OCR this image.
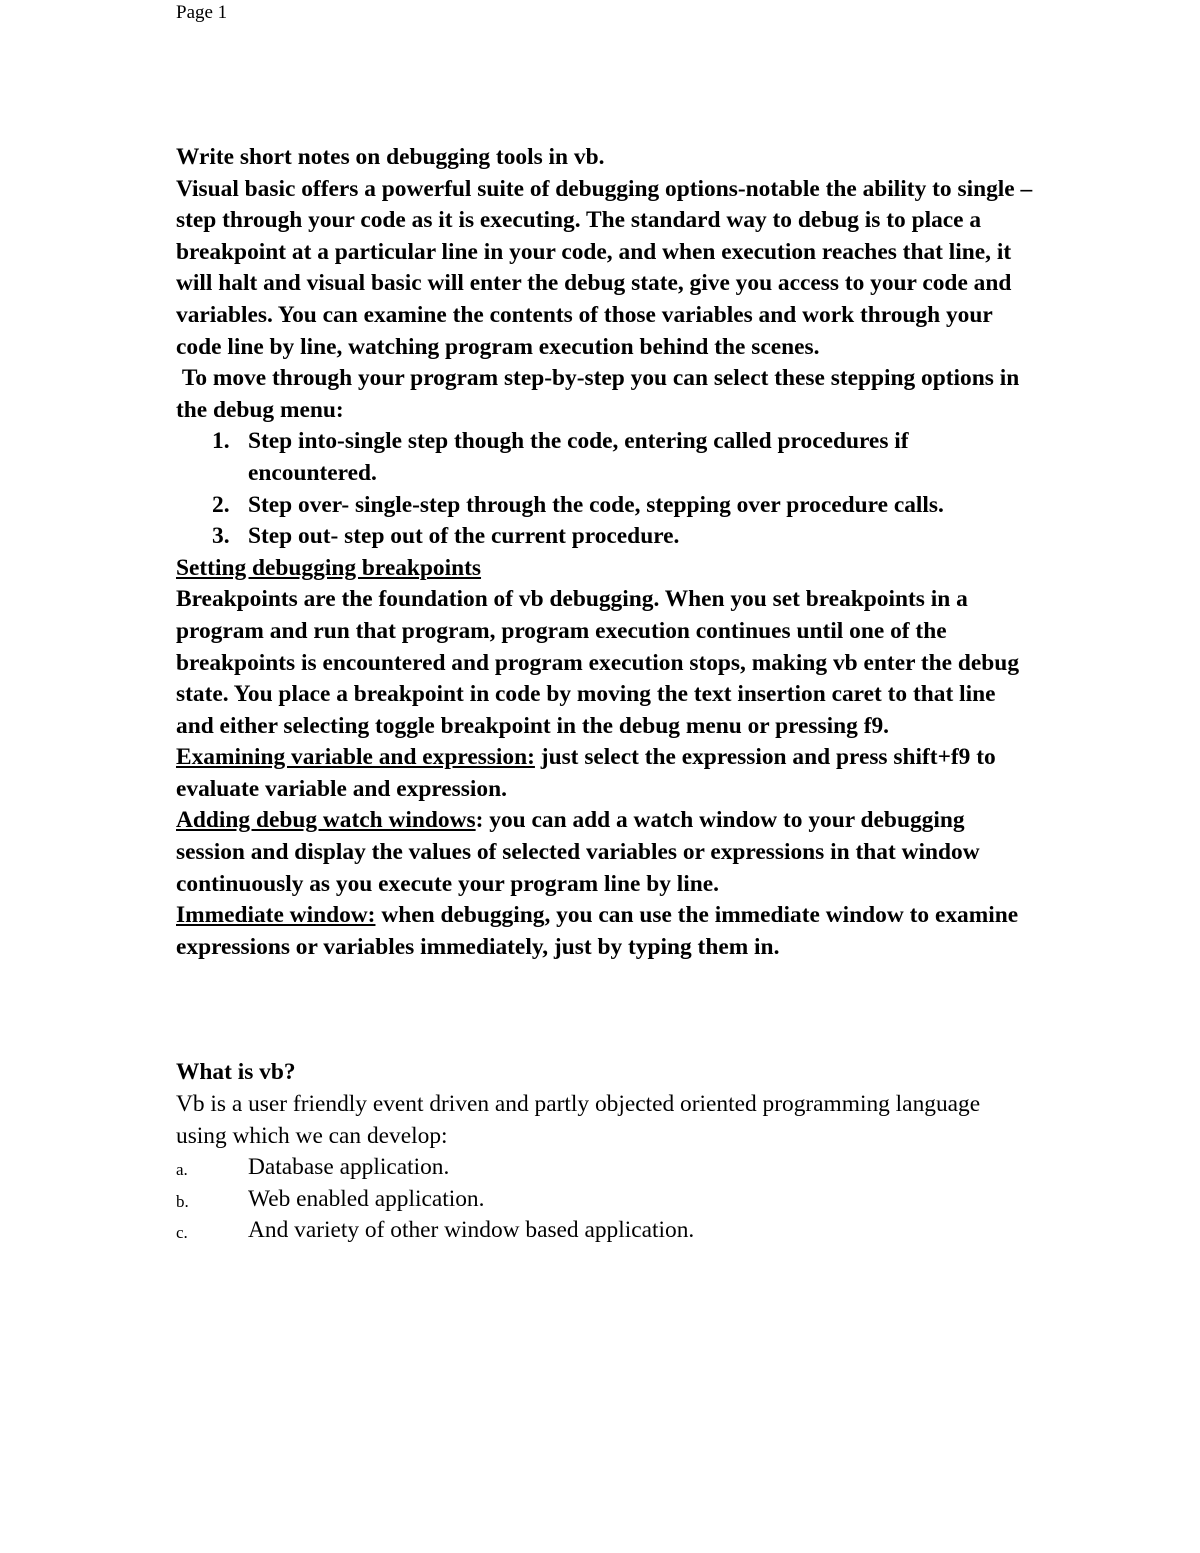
Page 1

Write short notes on debugging tools in vb.

Visual basic offers a powerful suite of debugging options-notable the ability to single – step through your code as it is executing. The standard way to debug is to place a breakpoint at a particular line in your code, and when execution reaches that line, it will halt and visual basic will enter the debug state, give you access to your code and variables. You can examine the contents of those variables and work through your code line by line, watching program execution behind the scenes.

To move through your program step-by-step you can select these stepping options in the debug menu:

Step into-single step though the code, entering called procedures if encountered.
Step over- single-step through the code, stepping over procedure calls.
Step out- step out of the current procedure.

Setting debugging breakpoints

Breakpoints are the foundation of vb debugging. When you set breakpoints in a program and run that program, program execution continues until one of the breakpoints is encountered and program execution stops, making vb enter the debug state. You place a breakpoint in code by moving the text insertion caret to that line and either selecting toggle breakpoint in the debug menu or pressing f9.

Examining variable and expression: just select the expression and press shift+f9 to evaluate variable and expression.

Adding debug watch windows: you can add a watch window to your debugging session and display the values of selected variables or expressions in that window continuously as you execute your program line by line.

Immediate window: when debugging, you can use the immediate window to examine expressions or variables immediately, just by typing them in.

What is vb?

Vb is a user friendly event driven and partly objected oriented programming language using which we can develop:

a.	Database application.
b.	Web enabled application.
c.	And variety of other window based application.
